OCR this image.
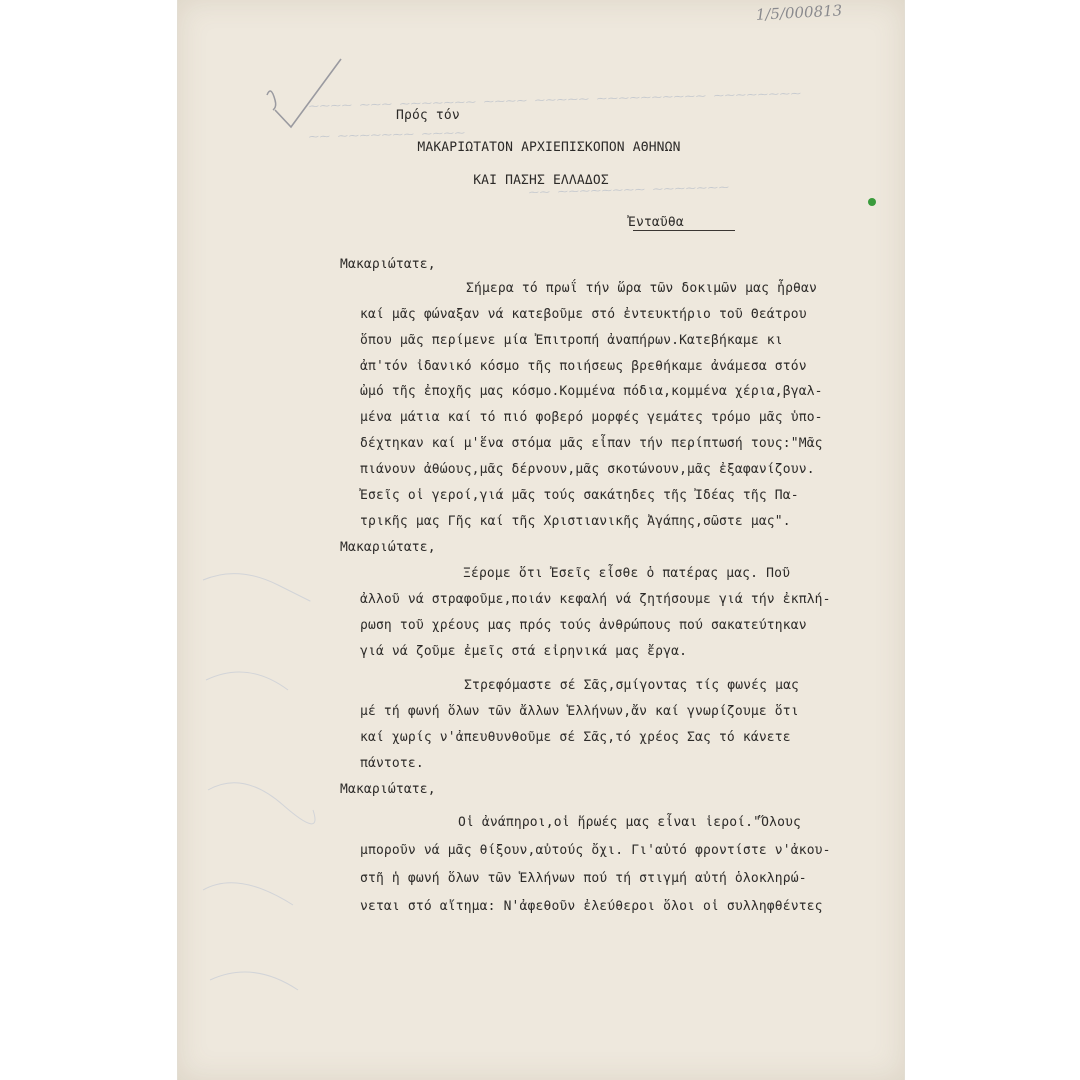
⁓⁓⁓⁓ ⁓⁓⁓ ⁓⁓⁓⁓⁓⁓⁓ ⁓⁓⁓⁓ ⁓⁓⁓⁓⁓ ⁓⁓⁓⁓⁓⁓⁓⁓⁓⁓ ⁓⁓⁓⁓⁓⁓⁓⁓
⁓⁓ ⁓⁓⁓⁓⁓⁓⁓ ⁓⁓⁓⁓
⁓⁓ ⁓⁓⁓⁓⁓⁓⁓⁓ ⁓⁓⁓⁓⁓⁓⁓
1/5/000813
Πρός τόν
ΜΑΚΑΡΙΩΤΑΤΟΝ ΑΡΧΙΕΠΙΣΚΟΠΟΝ ΑΘΗΝΩΝ
ΚΑΙ ΠΑΣΗΣ ΕΛΛΑΔΟΣ
Ἐνταῦθα
Μακαριώτατε,
Σήμερα τό πρωΐ τήν ὥρα τῶν δοκιμῶν μας ἦρθαν
καί μᾶς φώναξαν νά κατεβοῦμε στό ἐντευκτήριο τοῦ Θεάτρου
ὅπου μᾶς περίμενε μία Ἐπιτροπή ἀναπήρων.Κατεβήκαμε κι
ἀπ'τόν ἰδανικό κόσμο τῆς ποιήσεως βρεθήκαμε ἀνάμεσα στόν
ὠμό τῆς ἐποχῆς μας κόσμο.Κομμένα πόδια,κομμένα χέρια,βγαλ-
μένα μάτια καί τό πιό φοβερό μορφές γεμάτες τρόμο μᾶς ὑπο-
δέχτηκαν καί μ'ἕνα στόμα μᾶς εἶπαν τήν περίπτωσή τους:"Μᾶς
πιάνουν ἀθώους,μᾶς δέρνουν,μᾶς σκοτώνουν,μᾶς ἐξαφανίζουν.
Ἐσεῖς οἱ γεροί,γιά μᾶς τούς σακάτηδες τῆς Ἰδέας τῆς Πα-
τρικῆς μας Γῆς καί τῆς Χριστιανικῆς Ἀγάπης,σῶστε μας".
Μακαριώτατε,
Ξέρομε ὅτι Ἐσεῖς εἶσθε ὁ πατέρας μας. Ποῦ
ἀλλοῦ νά στραφοῦμε,ποιάν κεφαλή νά ζητήσουμε γιά τήν ἐκπλή-
ρωση τοῦ χρέους μας πρός τούς ἀνθρώπους πού σακατεύτηκαν
γιά νά ζοῦμε ἐμεῖς στά εἰρηνικά μας ἔργα.
Στρεφόμαστε σέ Σᾶς,σμίγοντας τίς φωνές μας
μέ τή φωνή ὅλων τῶν ἄλλων Ἑλλήνων,ἄν καί γνωρίζουμε ὅτι
καί χωρίς ν'ἀπευθυνθοῦμε σέ Σᾶς,τό χρέος Σας τό κάνετε
πάντοτε.
Μακαριώτατε,
Οἱ ἀνάπηροι,οἱ ἥρωές μας εἶναι ἱεροί."Ὅλους
μποροῦν νά μᾶς θίξουν,αὐτούς ὄχι. Γι'αὐτό φροντίστε ν'ἀκου-
στῆ ἡ φωνή ὅλων τῶν Ἑλλήνων πού τή στιγμή αὐτή ὁλοκληρώ-
νεται στό αἴτημα: Ν'ἀφεθοῦν ἐλεύθεροι ὅλοι οἱ συλληφθέντες
